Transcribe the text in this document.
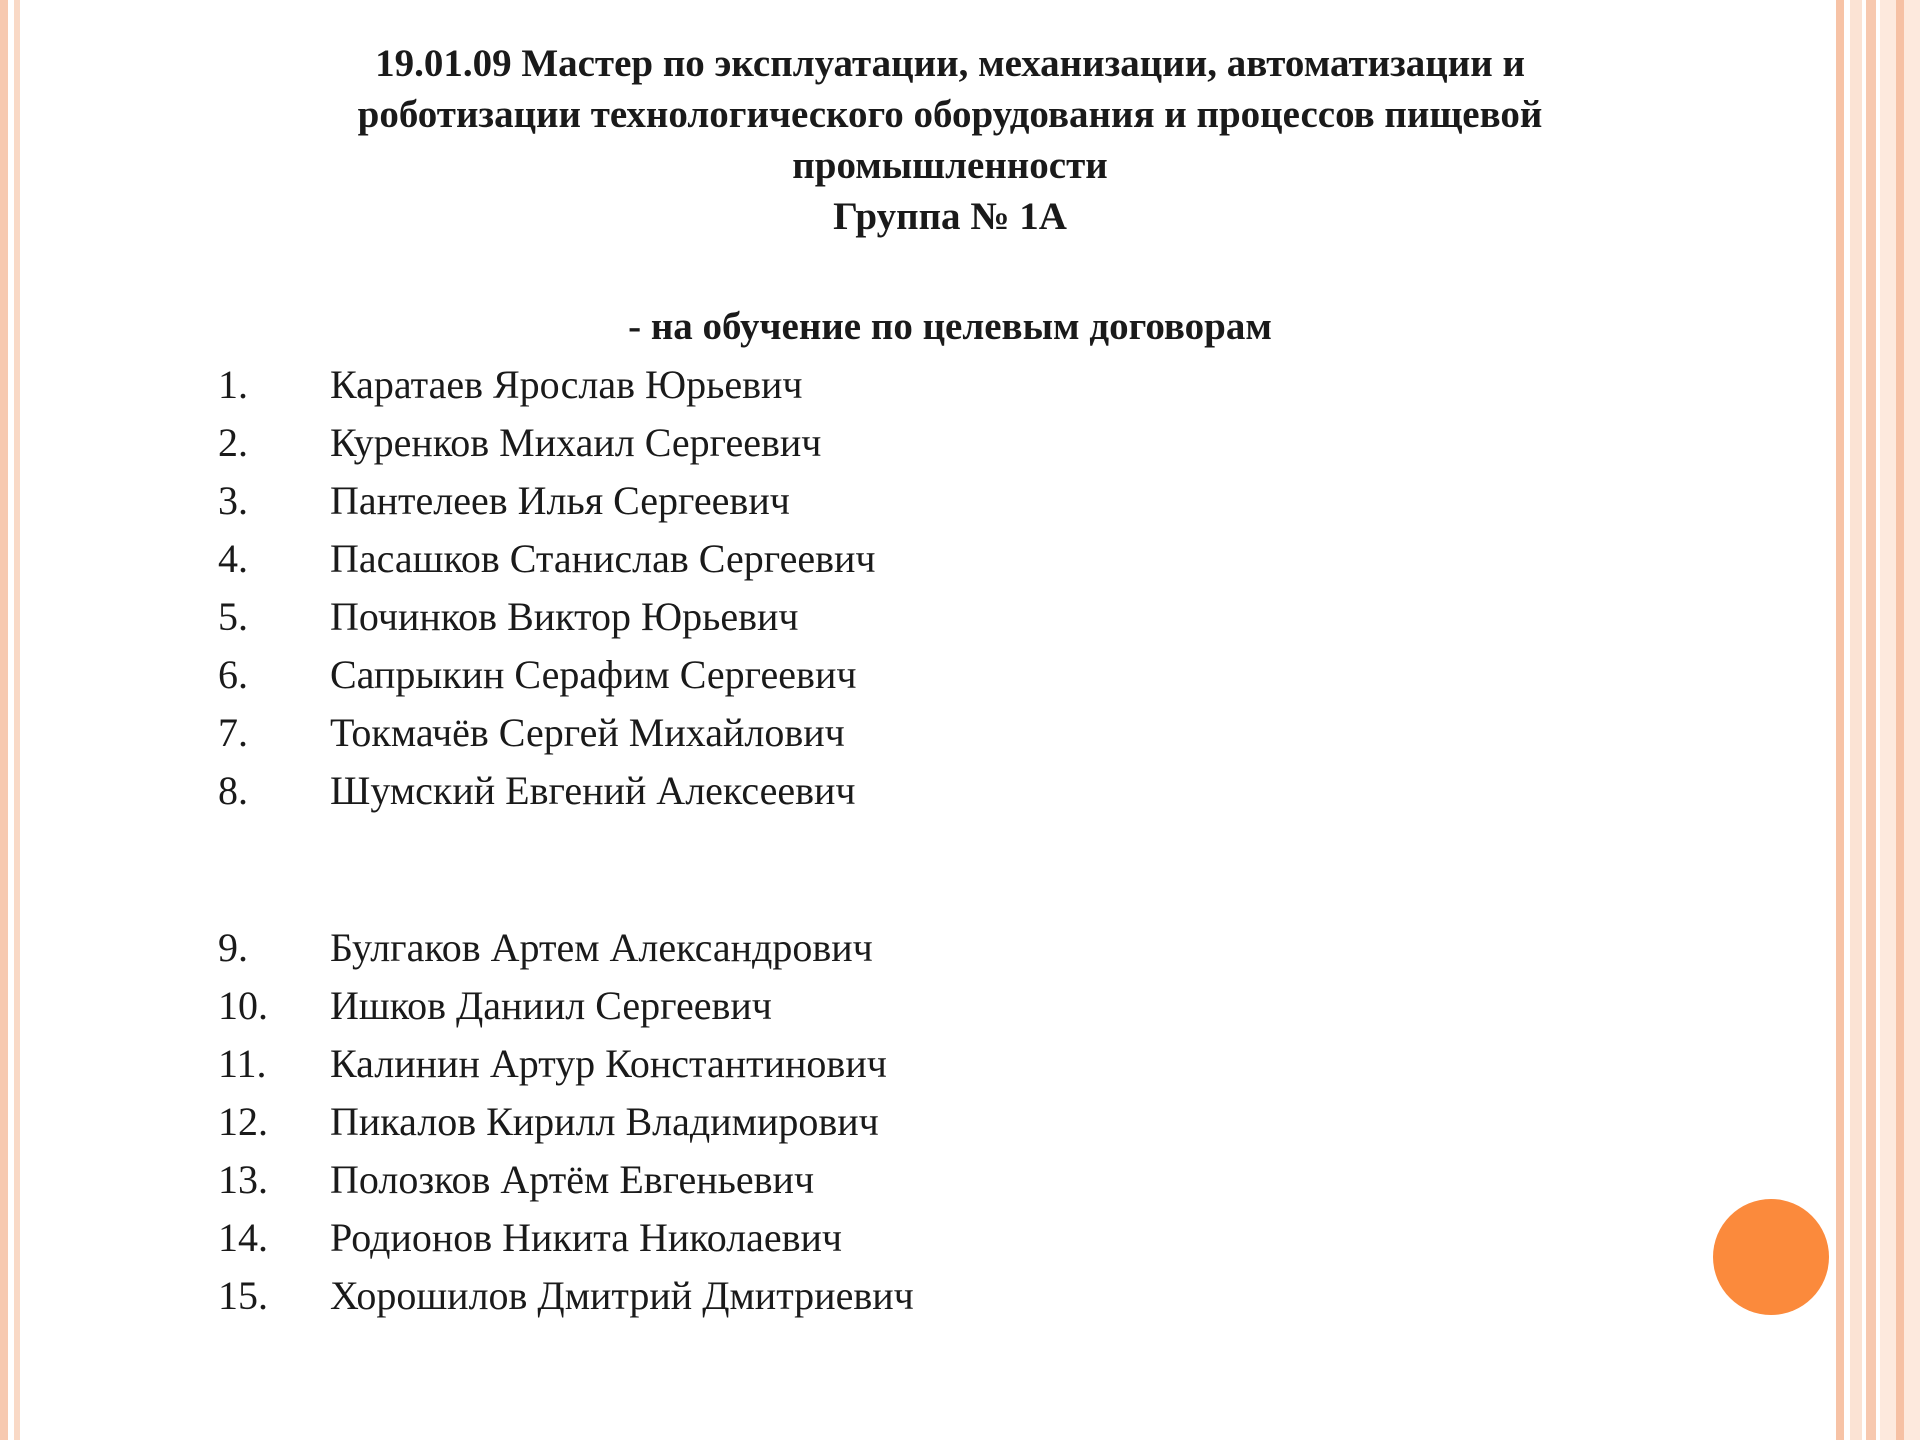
19.01.09 Мастер по эксплуатации, механизации, автоматизации и
роботизации технологического оборудования и процессов пищевой
промышленности
Группа № 1А
- на обучение по целевым договорам
1. Каратаев Ярослав Юрьевич
2. Куренков Михаил Сергеевич
3. Пантелеев Илья Сергеевич
4. Пасашков Станислав Сергеевич
5. Починков Виктор Юрьевич
6. Сапрыкин Серафим Сергеевич
7. Токмачёв Сергей Михайлович
8. Шумский Евгений Алексеевич
9. Булгаков Артем Александрович
10. Ишков Даниил Сергеевич
11. Калинин Артур Константинович
12. Пикалов Кирилл Владимирович
13. Полозков Артём Евгеньевич
14. Родионов Никита Николаевич
15. Хорошилов Дмитрий Дмитриевич
